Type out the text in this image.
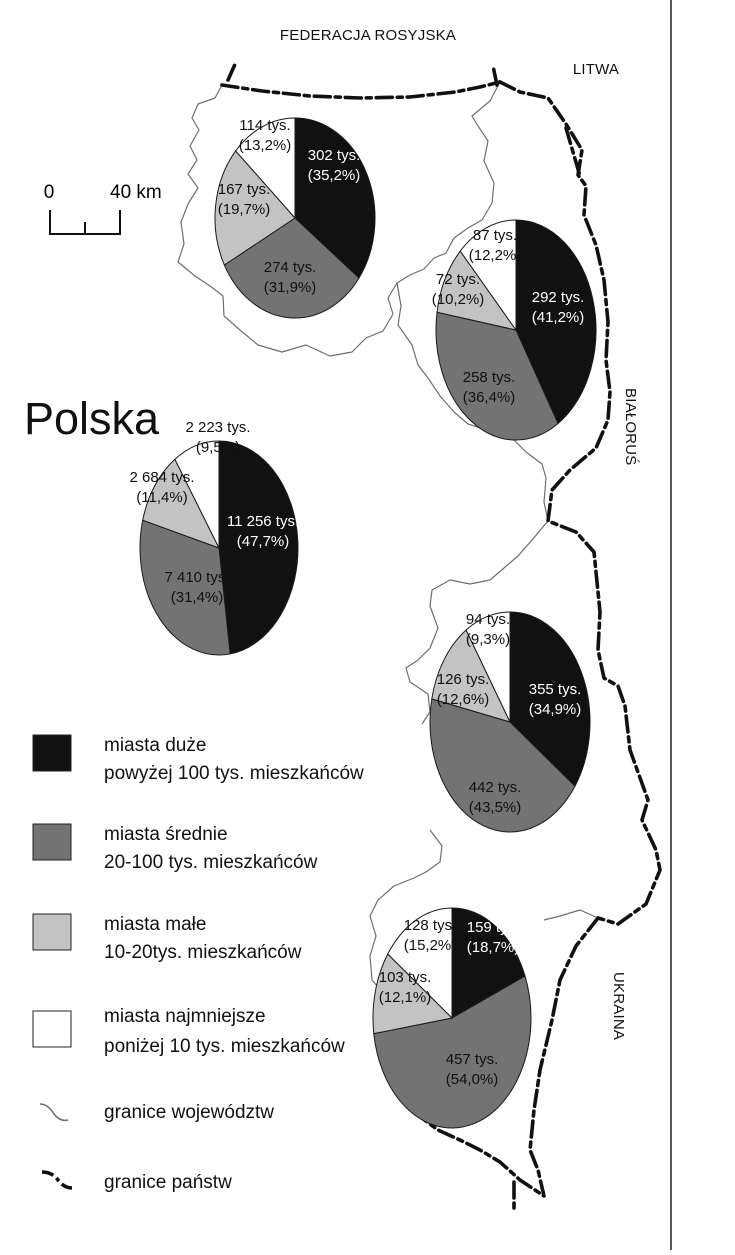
FEDERACJA ROSYJSKA
LITWA
BIAŁORUŚ
UKRAINA
0	40 km
Polska
302 tys.
(35,2%)
274 tys.
(31,9%)
167 tys.
(19,7%)
114 tys.
(13,2%)
292 tys.
(41,2%)
258 tys.
(36,4%)
72 tys.
(10,2%)
87 tys.
(12,2%)
11 256 tys.
(47,7%)
7 410 tys.
(31,4%)
2 684 tys.
(11,4%)
2 223 tys.
(9,5%)
355 tys.
(34,9%)
442 tys.
(43,5%)
126 tys.
(12,6%)
94 tys.
(9,3%)
159 tys.
(18,7%)
457 tys.
(54,0%)
103 tys.
(12,1%)
128 tys.
(15,2%)
miasta duże
powyżej 100 tys. mieszkańców
miasta średnie
20-100 tys. mieszkańców
miasta małe
10-20tys. mieszkańców
miasta najmniejsze
poniżej 10 tys. mieszkańców
granice województw
granice państw
